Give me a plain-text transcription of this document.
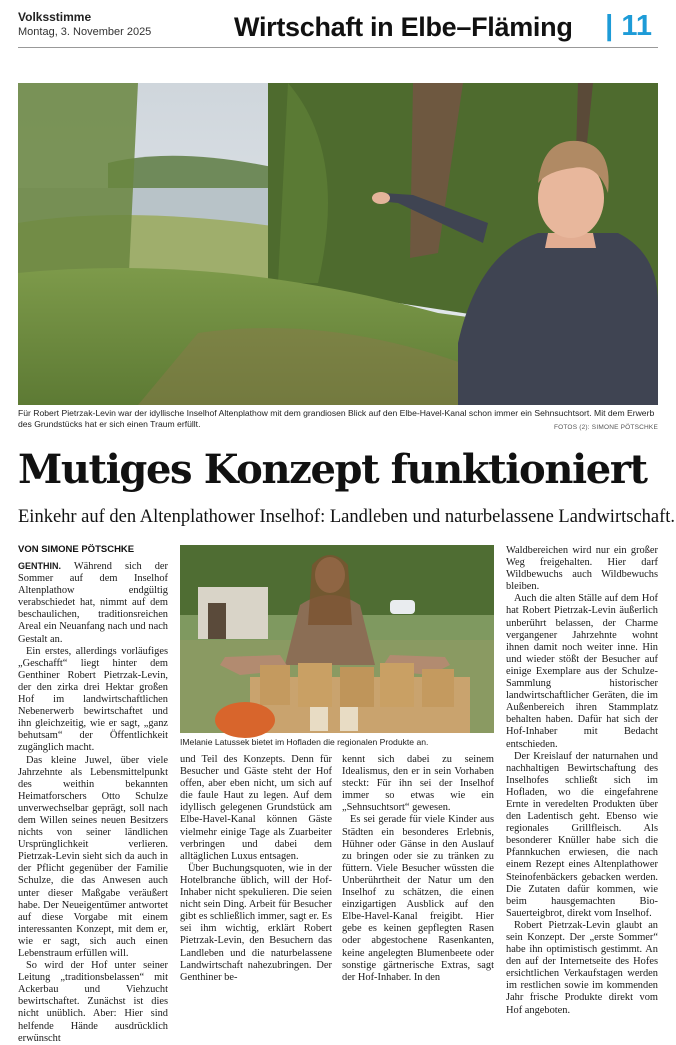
Volksstimme
Montag, 3. November 2025	Wirtschaft in Elbe–Fläming | 11
Für Robert Pietrzak-Levin war der idyllische Inselhof Altenplathow mit dem grandiosen Blick auf den Elbe-Havel-Kanal schon immer ein Sehnsuchtsort. Mit dem Erwerb des Grundstücks hat er sich einen Traum erfüllt.	FOTOS (2): SIMONE PÖTSCHKE
Mutiges Konzept funktioniert
Einkehr auf den Altenplathower Inselhof: Landleben und naturbelassene Landwirtschaft.
VON SIMONE PÖTSCHKE

GENTHIN. Während sich der Sommer auf dem Inselhof Altenplathow endgültig verabschiedet hat, nimmt auf dem beschaulichen, traditionsreichen Areal ein Neuanfang nach und nach Gestalt an.

Ein erstes, allerdings vorläufiges „Geschafft“ liegt hinter dem Genthiner Robert Pietrzak-Levin, der den zirka drei Hektar großen Hof im landwirtschaftlichen Nebenerwerb bewirtschaftet und ihn gleichzeitig, wie er sagt, „ganz behutsam“ der Öffentlichkeit zugänglich macht.

Das kleine Juwel, über viele Jahrzehnte als Lebensmittelpunkt des weithin bekannten Heimatforschers Otto Schulze unverwechselbar geprägt, soll nach dem Willen seines neuen Besitzers nichts von seiner ländlichen Ursprünglichkeit verlieren. Pietrzak-Levin sieht sich da auch in der Pflicht gegenüber der Familie Schulze, die das Anwesen auch unter dieser Maßgabe veräußert habe. Der Neueigentümer antwortet auf diese Vorgabe mit einem interessanten Konzept, mit dem er, wie er sagt, sich auch einen Lebenstraum erfüllen will.

So wird der Hof unter seiner Leitung „traditionsbelassen“ mit Ackerbau und Viehzucht bewirtschaftet. Zunächst ist dies nicht unüblich. Aber: Hier sind helfende Hände ausdrücklich erwünscht

IMelanie Latussek bietet im Hofladen die regionalen Produkte an.

und Teil des Konzepts. Denn für Besucher und Gäste steht der Hof offen, aber eben nicht, um sich auf die faule Haut zu legen. Auf dem idyllisch gelegenen Grundstück am Elbe-Havel-Kanal können Gäste vielmehr einige Tage als Zuarbeiter verbringen und dabei dem alltäglichen Luxus entsagen.

Über Buchungsquoten, wie in der Hotelbranche üblich, will der Hof-Inhaber nicht spekulieren. Die seien nicht sein Ding. Arbeit für Besucher gibt es schließlich immer, sagt er. Es sei ihm wichtig, erklärt Robert Pietrzak-Levin, den Besuchern das Landleben und die naturbelassene Landwirtschaft nahezubringen. Der Genthiner be-

kennt sich dabei zu seinem Idealismus, den er in sein Vorhaben steckt: Für ihn sei der Inselhof immer so etwas wie ein „Sehnsuchtsort“ gewesen.

Es sei gerade für viele Kinder aus Städten ein besonderes Erlebnis, Hühner oder Gänse in den Auslauf zu bringen oder sie zu tränken zu füttern. Viele Besucher wüssten die Unberührtheit der Natur um den Inselhof zu schätzen, die einen einzigartigen Ausblick auf den Elbe-Havel-Kanal freigibt. Hier gebe es keinen gepflegten Rasen oder abgestochene Rasenkanten, keine angelegten Blumenbeete oder sonstige gärtnerische Extras, sagt der Hof-Inhaber. In den

Waldbereichen wird nur ein großer Weg freigehalten. Hier darf Wildbewuchs auch Wildbewuchs bleiben.

Auch die alten Ställe auf dem Hof hat Robert Pietrzak-Levin äußerlich unberührt belassen, der Charme vergangener Jahrzehnte wohnt ihnen damit noch weiter inne. Hin und wieder stößt der Besucher auf einige Exemplare aus der Schulze-Sammlung historischer landwirtschaftlicher Geräten, die im Außenbereich ihren Stammplatz behalten haben. Dafür hat sich der Hof-Inhaber mit Bedacht entschieden.

Der Kreislauf der naturnahen und nachhaltigen Bewirtschaftung des Inselhofes schließt sich im Hofladen, wo die eingefahrene Ernte in veredelten Produkten über den Ladentisch geht. Ebenso wie regionales Grillfleisch. Als besonderer Knüller habe sich die Pfannkuchen erwiesen, die nach einem Rezept eines Altenplathower Steinofenbäckers gebacken werden. Die Zutaten dafür kommen, wie beim hausgemachten Bio-Sauerteigbrot, direkt vom Inselhof.

Robert Pietrzak-Levin glaubt an sein Konzept. Der „erste Sommer“ habe ihn optimistisch gestimmt. An den auf der Internetseite des Hofes ersichtlichen Verkaufstagen werden im restlichen sowie im kommenden Jahr frische Produkte direkt vom Hof angeboten.
